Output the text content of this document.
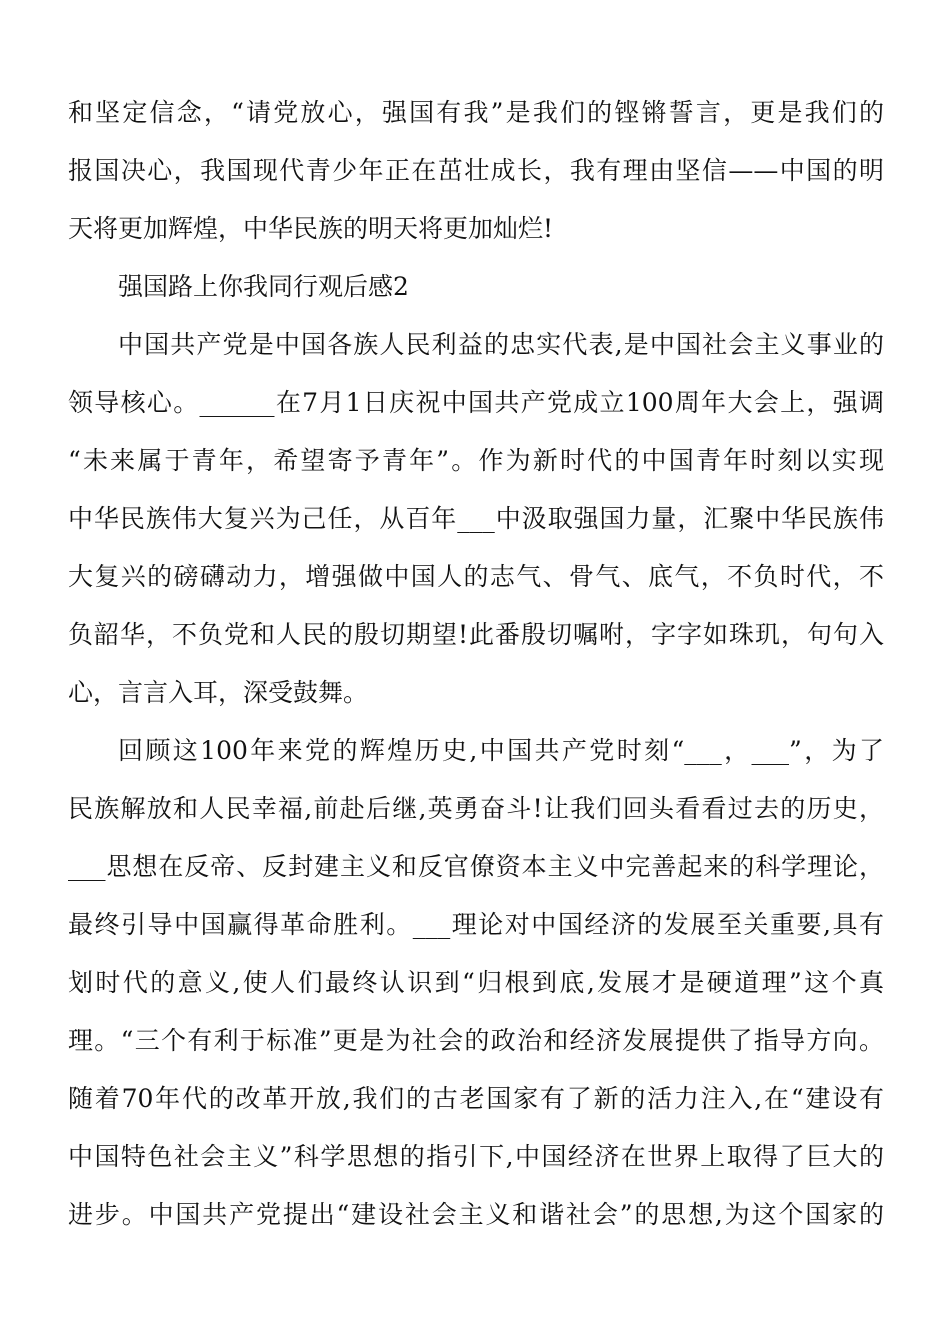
和坚定信念，“请党放心，强国有我”是我们的铿锵誓言，更是我们的
报国决心，我国现代青少年正在茁壮成长，我有理由坚信——中国的明
天将更加辉煌，中华民族的明天将更加灿烂!
强国路上你我同行观后感2
中国共产党是中国各族人民利益的忠实代表,是中国社会主义事业的
领导核心。______在7月1日庆祝中国共产党成立100周年大会上，强调
“未来属于青年，希望寄予青年”。作为新时代的中国青年时刻以实现
中华民族伟大复兴为己任，从百年___中汲取强国力量，汇聚中华民族伟
大复兴的磅礴动力，增强做中国人的志气、骨气、底气，不负时代，不
负韶华，不负党和人民的殷切期望!此番殷切嘱咐，字字如珠玑，句句入
心，言言入耳，深受鼓舞。
回顾这100年来党的辉煌历史,中国共产党时刻“___，___”，为了
民族解放和人民幸福,前赴后继,英勇奋斗!让我们回头看看过去的历史，
___思想在反帝、反封建主义和反官僚资本主义中完善起来的科学理论，
最终引导中国赢得革命胜利。___理论对中国经济的发展至关重要,具有
划时代的意义,使人们最终认识到“归根到底,发展才是硬道理”这个真
理。“三个有利于标准”更是为社会的政治和经济发展提供了指导方向。
随着70年代的改革开放,我们的古老国家有了新的活力注入,在“建设有
中国特色社会主义”科学思想的指引下,中国经济在世界上取得了巨大的
进步。中国共产党提出“建设社会主义和谐社会”的思想,为这个国家的
